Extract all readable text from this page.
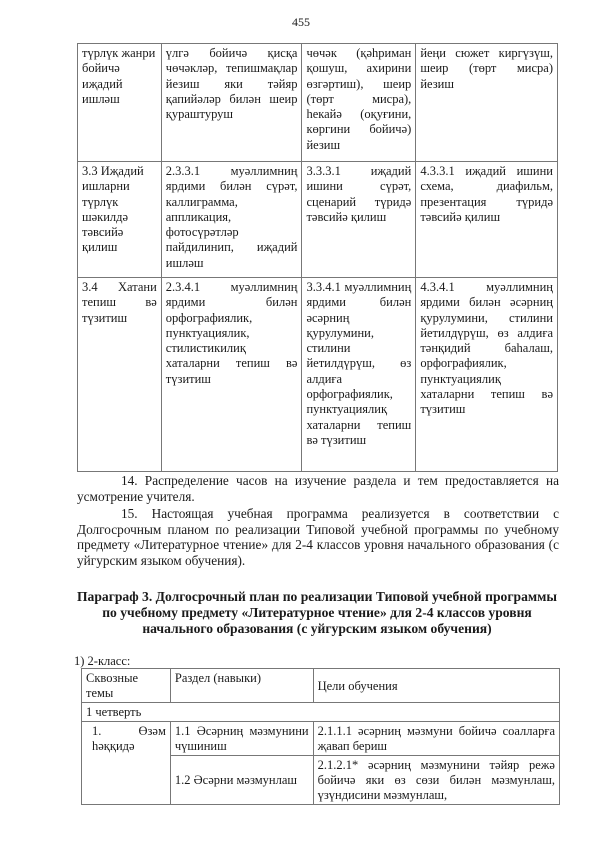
455
түрлүк жанри бойичә иҗадий ишләш	үлгә бойичә қисқа чөчәкләр, тепишмақлар йезиш яки тәйяр қапийәләр билән шеир қураштуруш	чөчәк (қәһриман қошуш, ахирини өзгәртиш), шеир (төрт мисра), һекайә (оқуғини, көргини бойичә) йезиш	йеңи сюжет киргүзүш, шеир (төрт мисра) йезиш
3.3 Иҗадий ишларни түрлүк шәкилдә тәвсийә қилиш	2.3.3.1 муәллимниң ярдими билән сүрәт, каллиграмма, аппликация, фотосүрәтләр пайдилинип, иҗадий ишләш	3.3.3.1 иҗадий ишини сүрәт, сценарий түридә тәвсийә қилиш	4.3.3.1 иҗадий ишини схема, диафильм, презентация түридә тәвсийә қилиш
3.4 Хатани тепиш вә түзитиш	2.3.4.1 муәллимниң ярдими билән орфографиялик, пунктуациялик, стилистикилиқ хаталарни тепиш вә түзитиш	3.3.4.1 муәллимниң ярдими билән әсәрниң қурулумини, стилини йетилдүрүш, өз алдиға орфографиялик, пунктуациялиқ хаталарни тепиш вә түзитиш	4.3.4.1 муәллимниң ярдими билән әсәрниң қурулумини, стилини йетилдүрүш, өз алдиға тәнқидий баһалаш, орфографиялик, пунктуациялиқ хаталарни тепиш вә түзитиш
14. Распределение часов на изучение раздела и тем предоставляется на усмотрение учителя.
15. Настоящая учебная программа реализуется в соответствии с Долгосрочным планом по реализации Типовой учебной программы по учебному предмету «Литературное чтение» для 2-4 классов уровня начального образования (с уйгурским языком обучения).
Параграф 3. Долгосрочный план по реализации Типовой учебной программы по учебному предмету «Литературное чтение» для 2-4 классов уровня начального образования (с уйгурским языком обучения)
1) 2-класс:
Сквозные темы	Раздел (навыки)	Цели обучения
1 четверть		
1. Өзәм һәққидә	1.1 Әсәрниң мәзмунини чүшиниш	2.1.1.1 әсәрниң мәзмуни бойичә соалларға җавап бериш
	1.2 Әсәрни мәзмунлаш	2.1.2.1* әсәрниң мәзмунини тәйяр режә бойичә яки өз сөзи билән мәзмунлаш, үзүндисини мәзмунлаш,
